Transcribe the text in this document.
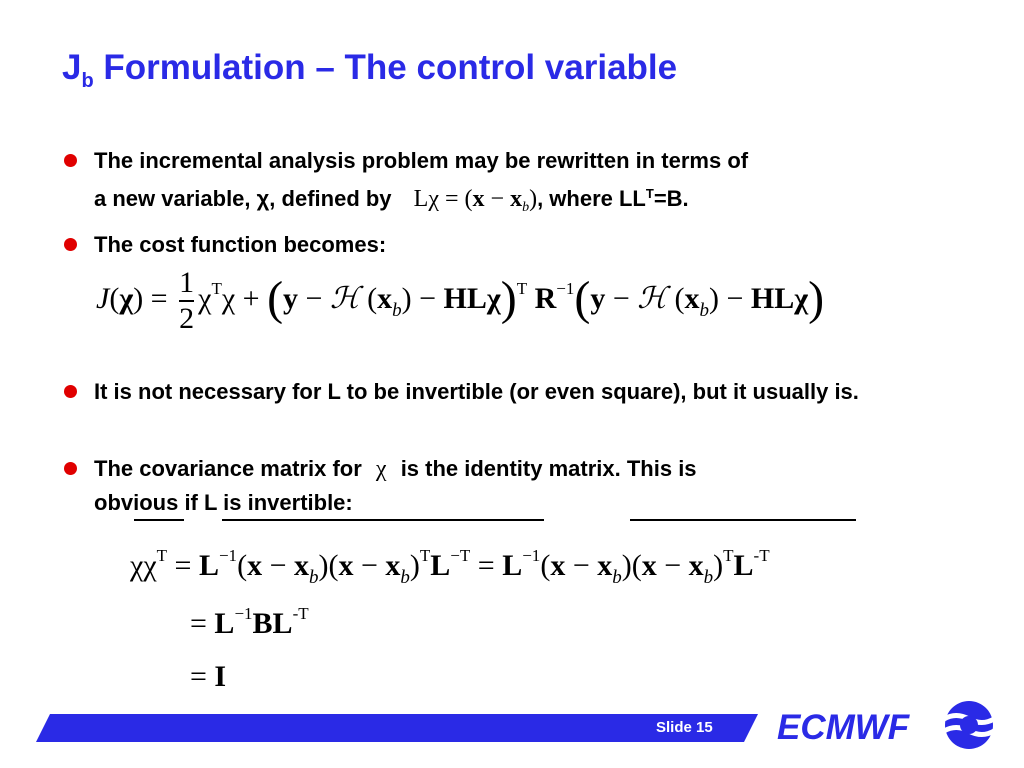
$J_b$ Formulation – The control variable
The incremental analysis problem may be rewritten in terms of
a new variable, χ, defined by $L\chi = (x - x_b)$, where $LL^T=B$.
The cost function becomes:
$J(\chi) = \frac{1}{2} \chi^T\chi + (y$ − ℋ $(x_b) - HL\chi)^T$ $R^{-1}(y$ − ℋ $(x_b) - HL\chi$)
It is not necessary for L to be invertible (or even square), but it usually is.
The covariance matrix for χ is the identity matrix. This is
obvious if L is invertible:
$\chi\chi^T = L^{-1}(x - x_b)(x - x_b)^TL^{-T} = L^{-1}(x - x_b)(x - x_b)^TL^{-T}$
= $L^{-1}BL^{-T}$
= I
Slide 15 ECMWF
